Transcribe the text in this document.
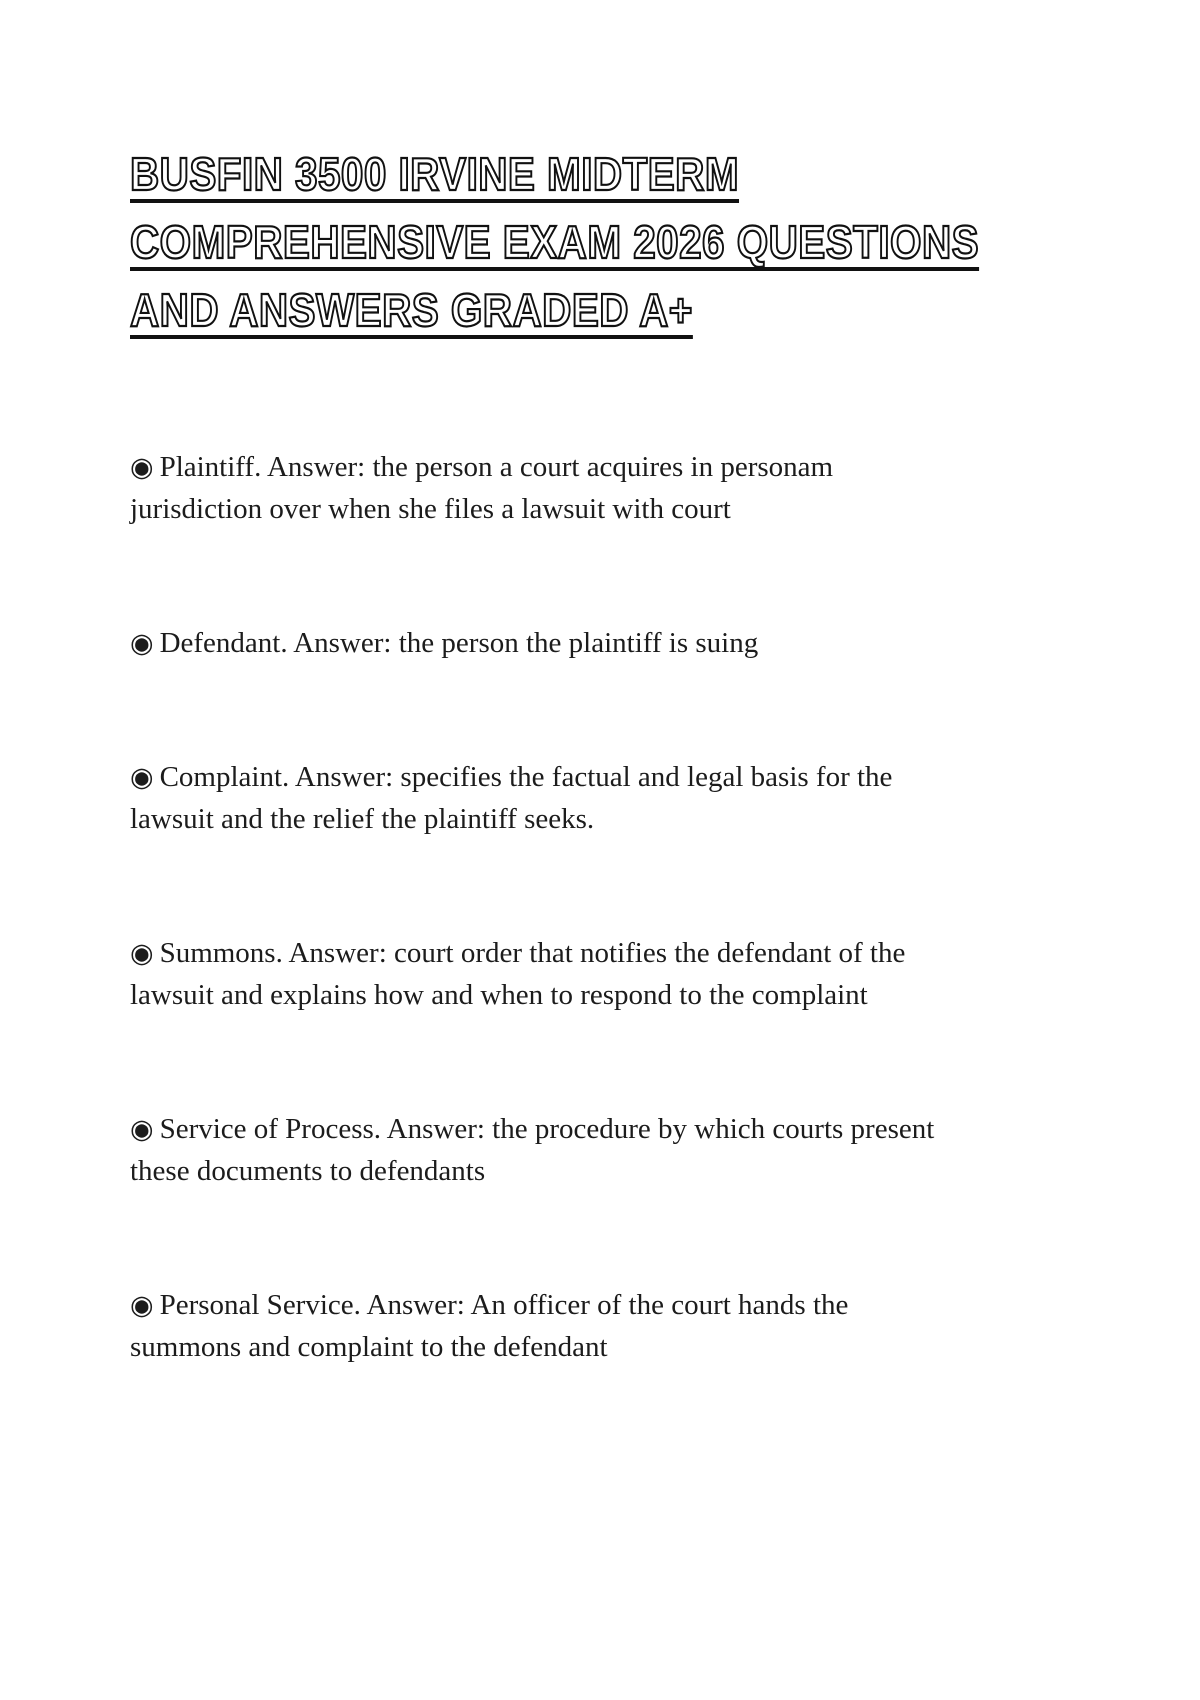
BUSFIN 3500 IRVINE MIDTERM
COMPREHENSIVE EXAM 2026 QUESTIONS
AND ANSWERS GRADED A+

◉ Plaintiff. Answer: the person a court acquires in personam jurisdiction over when she files a lawsuit with court

◉ Defendant. Answer: the person the plaintiff is suing

◉ Complaint. Answer: specifies the factual and legal basis for the lawsuit and the relief the plaintiff seeks.

◉ Summons. Answer: court order that notifies the defendant of the lawsuit and explains how and when to respond to the complaint

◉ Service of Process. Answer: the procedure by which courts present these documents to defendants

◉ Personal Service. Answer: An officer of the court hands the summons and complaint to the defendant
